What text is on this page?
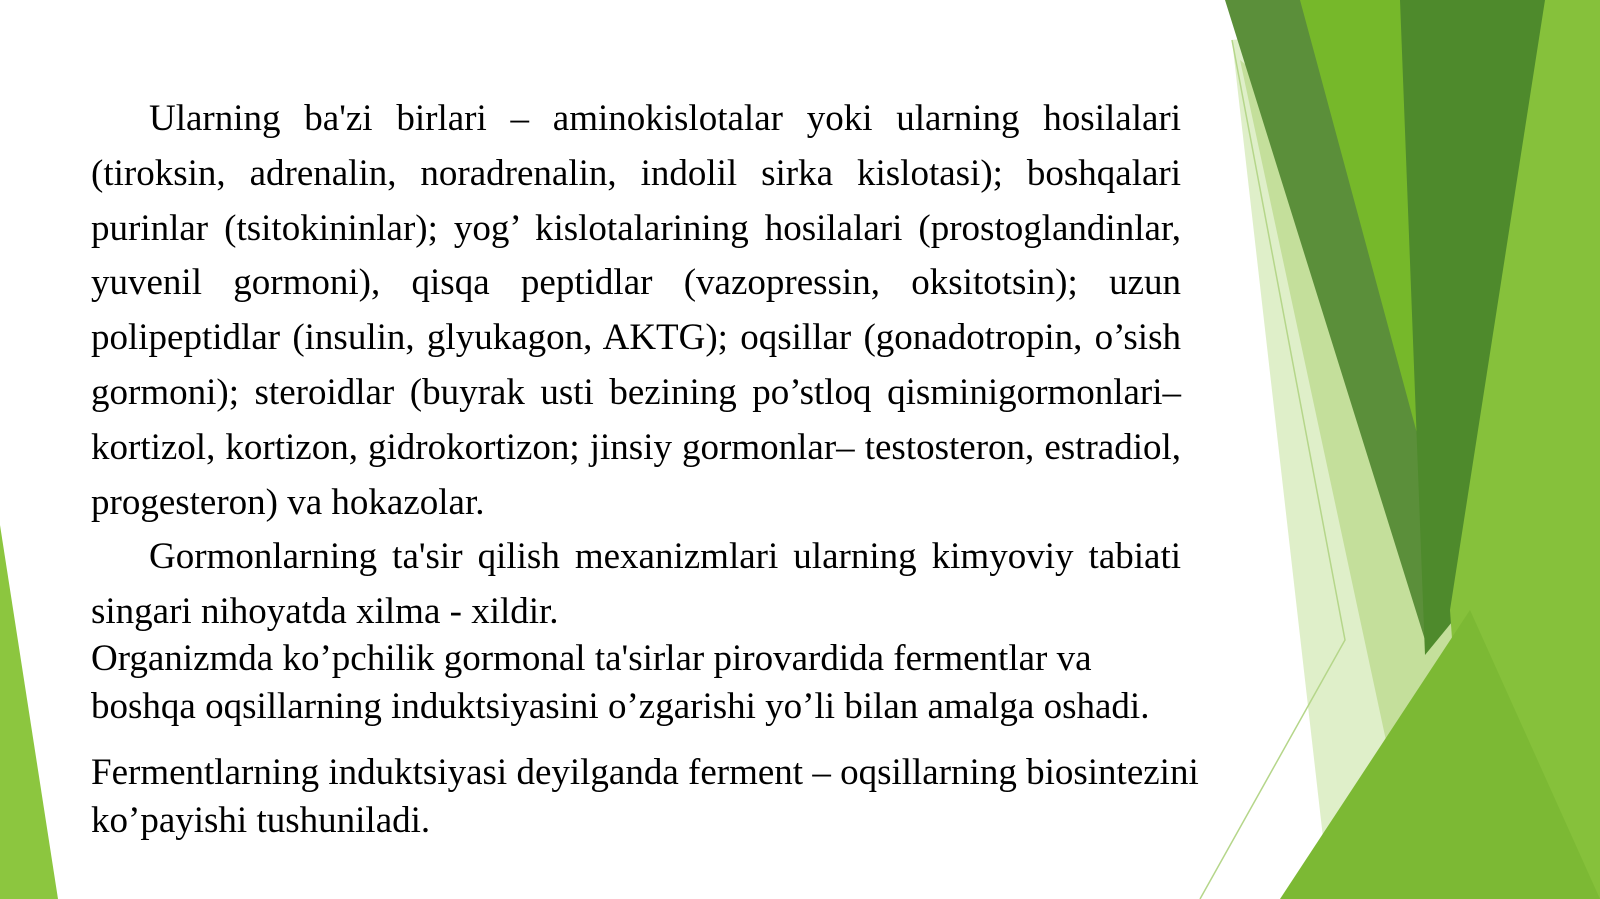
Ularning ba'zi birlari – aminokislotalar yoki ularning hosilalari (tiroksin, adrenalin, noradrenalin, indolil sirka kislotasi); boshqalari purinlar (tsitokininlar); yog’ kislotalarining hosilalari (prostoglandinlar, yuvenil gormoni), qisqa peptidlar (vazopressin, oksitotsin); uzun polipeptidlar (insulin, glyukagon, AKTG); oqsillar (gonadotropin, o’sish gormoni); steroidlar (buyrak usti bezining po’stloq qisminigormonlari–kortizol, kortizon, gidrokortizon; jinsiy gormonlar– testosteron, estradiol, progesteron) va hokazolar.

Gormonlarning ta'sir qilish mexanizmlari ularning kimyoviy tabiati singari nihoyatda xilma - xildir.

Organizmda ko’pchilik gormonal ta'sirlar pirovardida fermentlar va boshqa oqsillarning induktsiyasini o’zgarishi yo’li bilan amalga oshadi.

Fermentlarning induktsiyasi deyilganda ferment – oqsillarning biosintezini ko’payishi tushuniladi.
